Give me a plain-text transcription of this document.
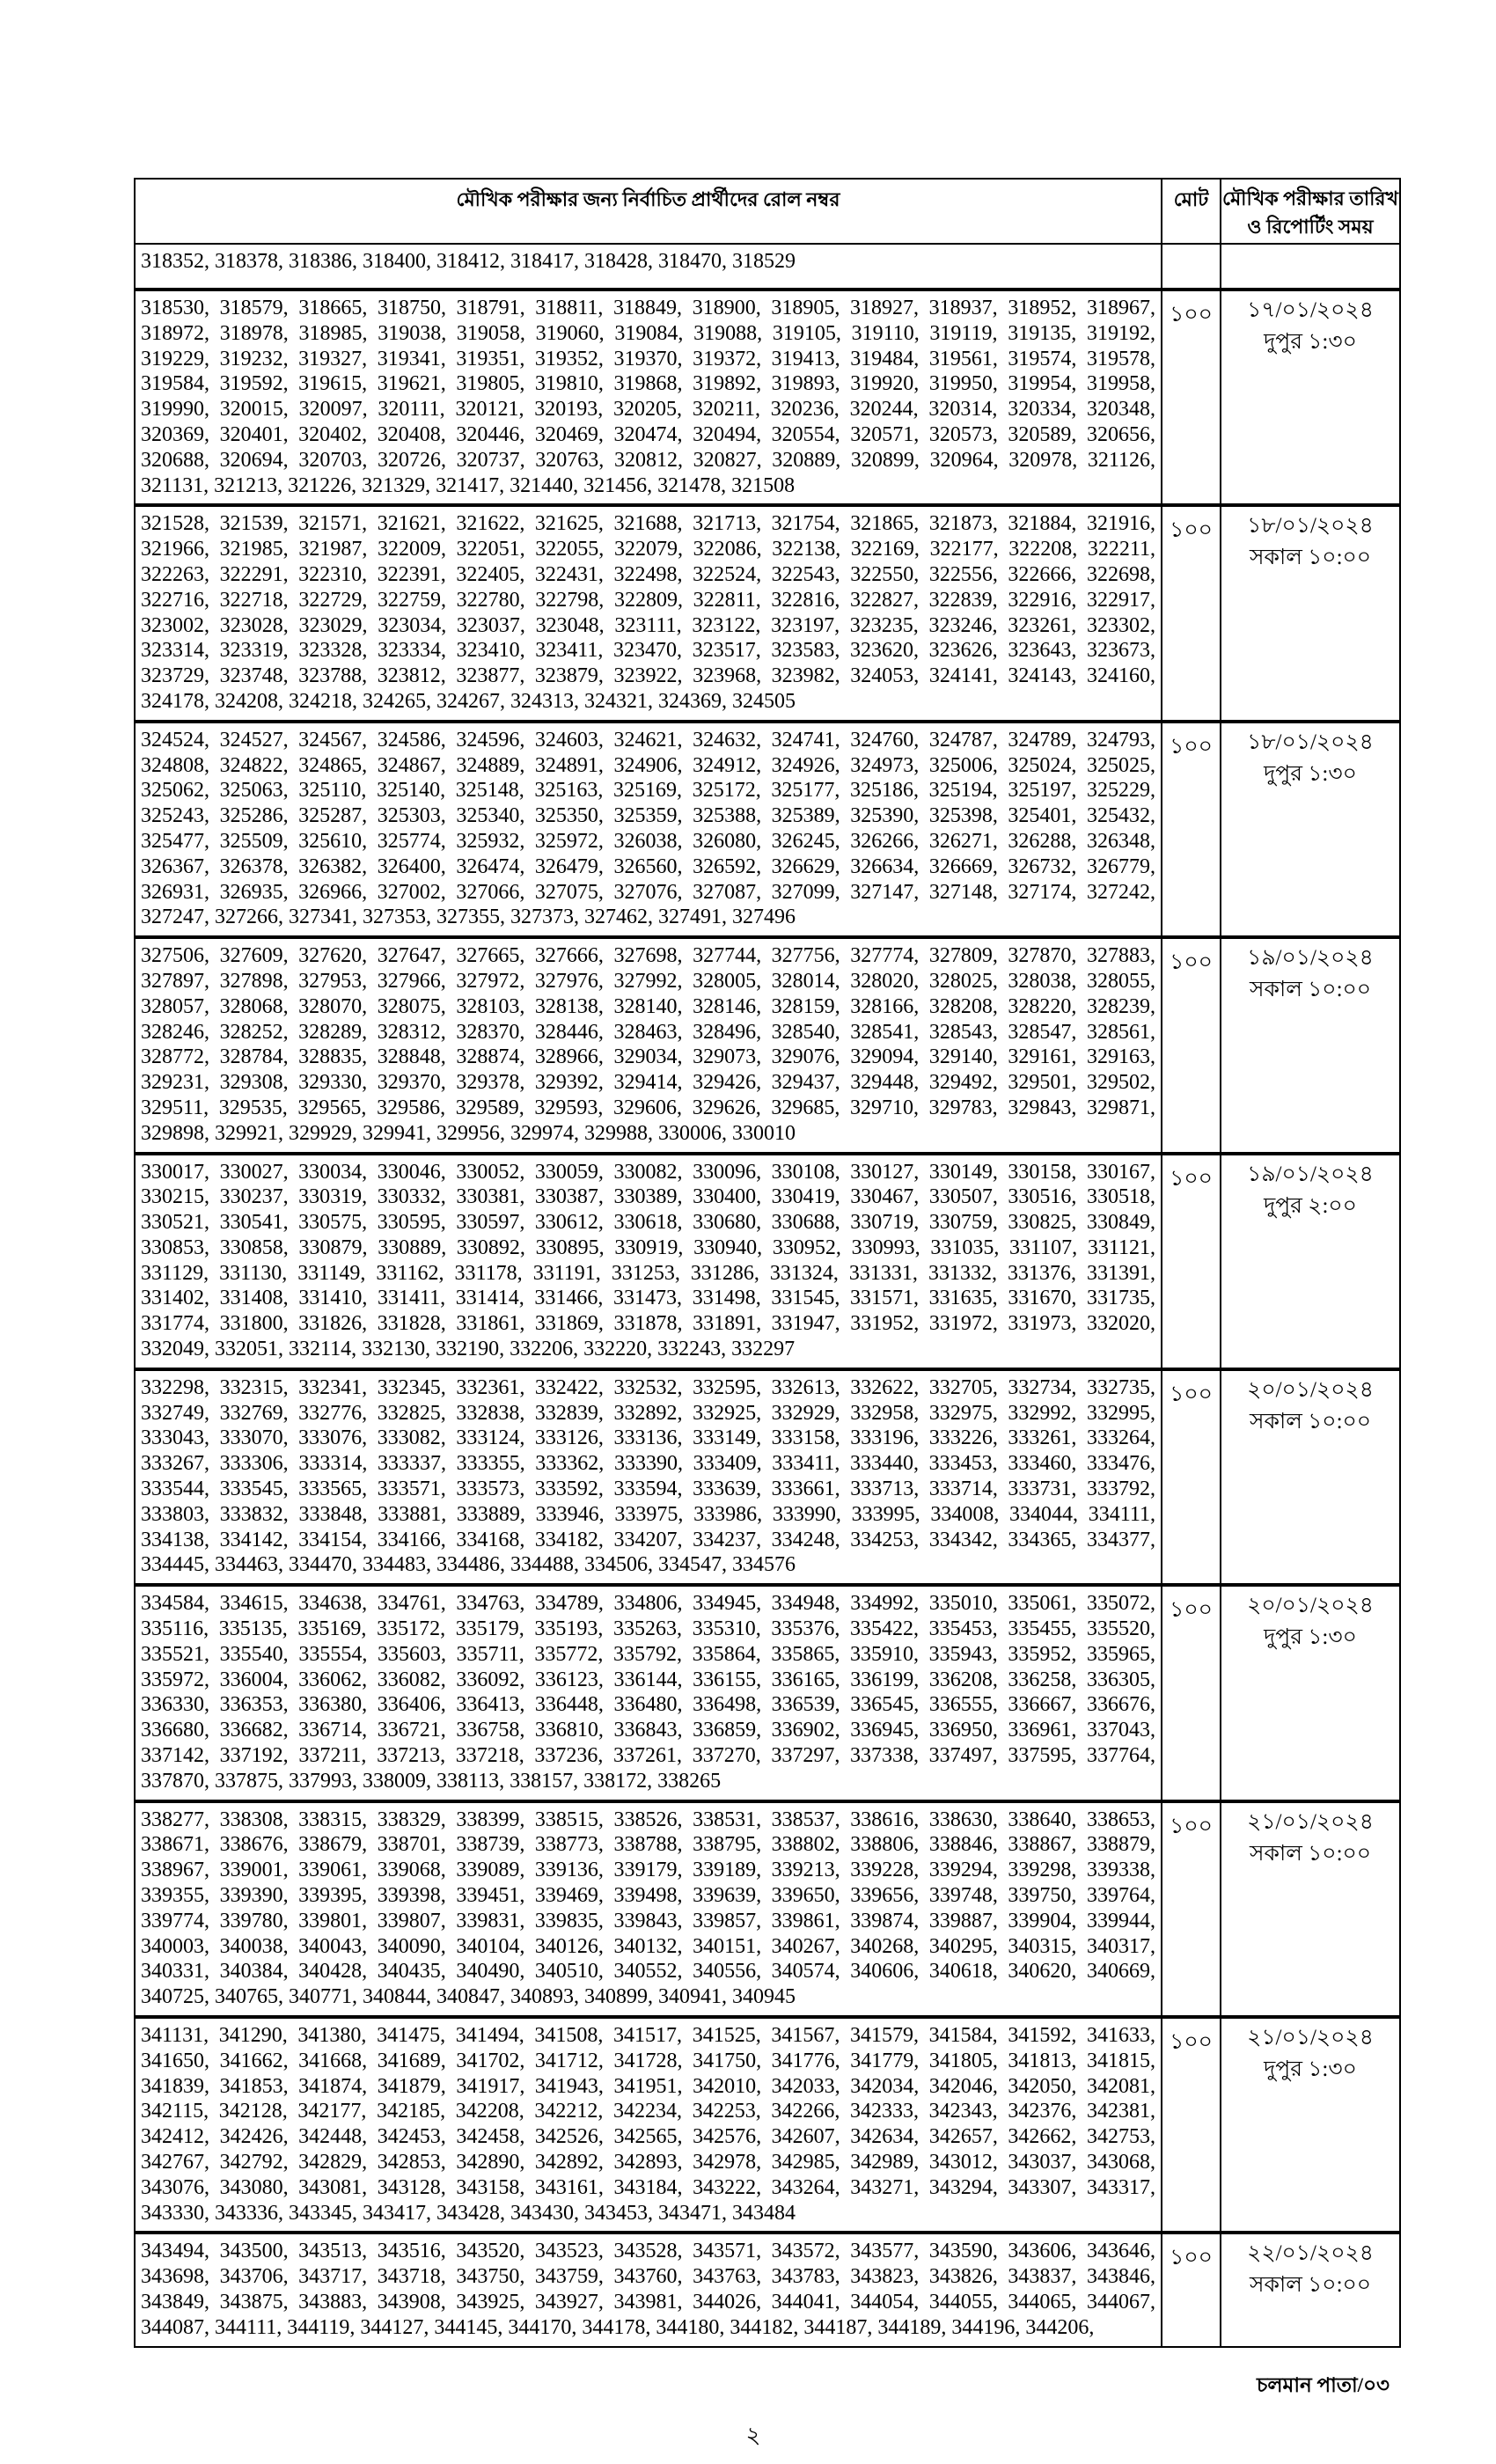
মৌখিক পরীক্ষার জন্য নির্বাচিত প্রার্থীদের রোল নম্বর	মোট	মৌখিক পরীক্ষার তারিখ
ও রিপোর্টিং সময়

318352, 318378, 318386, 318400, 318412, 318417, 318428, 318470, 318529		
318530, 318579, 318665, 318750, 318791, 318811, 318849, 318900, 318905, 318927, 318937, 318952, 318967, 318972, 318978, 318985, 319038, 319058, 319060, 319084, 319088, 319105, 319110, 319119, 319135, 319192, 319229, 319232, 319327, 319341, 319351, 319352, 319370, 319372, 319413, 319484, 319561, 319574, 319578, 319584, 319592, 319615, 319621, 319805, 319810, 319868, 319892, 319893, 319920, 319950, 319954, 319958, 319990, 320015, 320097, 320111, 320121, 320193, 320205, 320211, 320236, 320244, 320314, 320334, 320348, 320369, 320401, 320402, 320408, 320446, 320469, 320474, 320494, 320554, 320571, 320573, 320589, 320656, 320688, 320694, 320703, 320726, 320737, 320763, 320812, 320827, 320889, 320899, 320964, 320978, 321126, 321131, 321213, 321226, 321329, 321417, 321440, 321456, 321478, 321508	১০০	১৭/০১/২০২৪
দুপুর ১:৩০

321528, 321539, 321571, 321621, 321622, 321625, 321688, 321713, 321754, 321865, 321873, 321884, 321916, 321966, 321985, 321987, 322009, 322051, 322055, 322079, 322086, 322138, 322169, 322177, 322208, 322211, 322263, 322291, 322310, 322391, 322405, 322431, 322498, 322524, 322543, 322550, 322556, 322666, 322698, 322716, 322718, 322729, 322759, 322780, 322798, 322809, 322811, 322816, 322827, 322839, 322916, 322917, 323002, 323028, 323029, 323034, 323037, 323048, 323111, 323122, 323197, 323235, 323246, 323261, 323302, 323314, 323319, 323328, 323334, 323410, 323411, 323470, 323517, 323583, 323620, 323626, 323643, 323673, 323729, 323748, 323788, 323812, 323877, 323879, 323922, 323968, 323982, 324053, 324141, 324143, 324160, 324178, 324208, 324218, 324265, 324267, 324313, 324321, 324369, 324505	১০০	১৮/০১/২০২৪
সকাল ১০:০০

324524, 324527, 324567, 324586, 324596, 324603, 324621, 324632, 324741, 324760, 324787, 324789, 324793, 324808, 324822, 324865, 324867, 324889, 324891, 324906, 324912, 324926, 324973, 325006, 325024, 325025, 325062, 325063, 325110, 325140, 325148, 325163, 325169, 325172, 325177, 325186, 325194, 325197, 325229, 325243, 325286, 325287, 325303, 325340, 325350, 325359, 325388, 325389, 325390, 325398, 325401, 325432, 325477, 325509, 325610, 325774, 325932, 325972, 326038, 326080, 326245, 326266, 326271, 326288, 326348, 326367, 326378, 326382, 326400, 326474, 326479, 326560, 326592, 326629, 326634, 326669, 326732, 326779, 326931, 326935, 326966, 327002, 327066, 327075, 327076, 327087, 327099, 327147, 327148, 327174, 327242, 327247, 327266, 327341, 327353, 327355, 327373, 327462, 327491, 327496	১০০	১৮/০১/২০২৪
দুপুর ১:৩০

327506, 327609, 327620, 327647, 327665, 327666, 327698, 327744, 327756, 327774, 327809, 327870, 327883, 327897, 327898, 327953, 327966, 327972, 327976, 327992, 328005, 328014, 328020, 328025, 328038, 328055, 328057, 328068, 328070, 328075, 328103, 328138, 328140, 328146, 328159, 328166, 328208, 328220, 328239, 328246, 328252, 328289, 328312, 328370, 328446, 328463, 328496, 328540, 328541, 328543, 328547, 328561, 328772, 328784, 328835, 328848, 328874, 328966, 329034, 329073, 329076, 329094, 329140, 329161, 329163, 329231, 329308, 329330, 329370, 329378, 329392, 329414, 329426, 329437, 329448, 329492, 329501, 329502, 329511, 329535, 329565, 329586, 329589, 329593, 329606, 329626, 329685, 329710, 329783, 329843, 329871, 329898, 329921, 329929, 329941, 329956, 329974, 329988, 330006, 330010	১০০	১৯/০১/২০২৪
সকাল ১০:০০

330017, 330027, 330034, 330046, 330052, 330059, 330082, 330096, 330108, 330127, 330149, 330158, 330167, 330215, 330237, 330319, 330332, 330381, 330387, 330389, 330400, 330419, 330467, 330507, 330516, 330518, 330521, 330541, 330575, 330595, 330597, 330612, 330618, 330680, 330688, 330719, 330759, 330825, 330849, 330853, 330858, 330879, 330889, 330892, 330895, 330919, 330940, 330952, 330993, 331035, 331107, 331121, 331129, 331130, 331149, 331162, 331178, 331191, 331253, 331286, 331324, 331331, 331332, 331376, 331391, 331402, 331408, 331410, 331411, 331414, 331466, 331473, 331498, 331545, 331571, 331635, 331670, 331735, 331774, 331800, 331826, 331828, 331861, 331869, 331878, 331891, 331947, 331952, 331972, 331973, 332020, 332049, 332051, 332114, 332130, 332190, 332206, 332220, 332243, 332297	১০০	১৯/০১/২০২৪
দুপুর ২:০০

332298, 332315, 332341, 332345, 332361, 332422, 332532, 332595, 332613, 332622, 332705, 332734, 332735, 332749, 332769, 332776, 332825, 332838, 332839, 332892, 332925, 332929, 332958, 332975, 332992, 332995, 333043, 333070, 333076, 333082, 333124, 333126, 333136, 333149, 333158, 333196, 333226, 333261, 333264, 333267, 333306, 333314, 333337, 333355, 333362, 333390, 333409, 333411, 333440, 333453, 333460, 333476, 333544, 333545, 333565, 333571, 333573, 333592, 333594, 333639, 333661, 333713, 333714, 333731, 333792, 333803, 333832, 333848, 333881, 333889, 333946, 333975, 333986, 333990, 333995, 334008, 334044, 334111, 334138, 334142, 334154, 334166, 334168, 334182, 334207, 334237, 334248, 334253, 334342, 334365, 334377, 334445, 334463, 334470, 334483, 334486, 334488, 334506, 334547, 334576	১০০	২০/০১/২০২৪
সকাল ১০:০০

334584, 334615, 334638, 334761, 334763, 334789, 334806, 334945, 334948, 334992, 335010, 335061, 335072, 335116, 335135, 335169, 335172, 335179, 335193, 335263, 335310, 335376, 335422, 335453, 335455, 335520, 335521, 335540, 335554, 335603, 335711, 335772, 335792, 335864, 335865, 335910, 335943, 335952, 335965, 335972, 336004, 336062, 336082, 336092, 336123, 336144, 336155, 336165, 336199, 336208, 336258, 336305, 336330, 336353, 336380, 336406, 336413, 336448, 336480, 336498, 336539, 336545, 336555, 336667, 336676, 336680, 336682, 336714, 336721, 336758, 336810, 336843, 336859, 336902, 336945, 336950, 336961, 337043, 337142, 337192, 337211, 337213, 337218, 337236, 337261, 337270, 337297, 337338, 337497, 337595, 337764, 337870, 337875, 337993, 338009, 338113, 338157, 338172, 338265	১০০	২০/০১/২০২৪
দুপুর ১:৩০

338277, 338308, 338315, 338329, 338399, 338515, 338526, 338531, 338537, 338616, 338630, 338640, 338653, 338671, 338676, 338679, 338701, 338739, 338773, 338788, 338795, 338802, 338806, 338846, 338867, 338879, 338967, 339001, 339061, 339068, 339089, 339136, 339179, 339189, 339213, 339228, 339294, 339298, 339338, 339355, 339390, 339395, 339398, 339451, 339469, 339498, 339639, 339650, 339656, 339748, 339750, 339764, 339774, 339780, 339801, 339807, 339831, 339835, 339843, 339857, 339861, 339874, 339887, 339904, 339944, 340003, 340038, 340043, 340090, 340104, 340126, 340132, 340151, 340267, 340268, 340295, 340315, 340317, 340331, 340384, 340428, 340435, 340490, 340510, 340552, 340556, 340574, 340606, 340618, 340620, 340669, 340725, 340765, 340771, 340844, 340847, 340893, 340899, 340941, 340945	১০০	২১/০১/২০২৪
সকাল ১০:০০

341131, 341290, 341380, 341475, 341494, 341508, 341517, 341525, 341567, 341579, 341584, 341592, 341633, 341650, 341662, 341668, 341689, 341702, 341712, 341728, 341750, 341776, 341779, 341805, 341813, 341815, 341839, 341853, 341874, 341879, 341917, 341943, 341951, 342010, 342033, 342034, 342046, 342050, 342081, 342115, 342128, 342177, 342185, 342208, 342212, 342234, 342253, 342266, 342333, 342343, 342376, 342381, 342412, 342426, 342448, 342453, 342458, 342526, 342565, 342576, 342607, 342634, 342657, 342662, 342753, 342767, 342792, 342829, 342853, 342890, 342892, 342893, 342978, 342985, 342989, 343012, 343037, 343068, 343076, 343080, 343081, 343128, 343158, 343161, 343184, 343222, 343264, 343271, 343294, 343307, 343317, 343330, 343336, 343345, 343417, 343428, 343430, 343453, 343471, 343484	১০০	২১/০১/২০২৪
দুপুর ১:৩০

343494, 343500, 343513, 343516, 343520, 343523, 343528, 343571, 343572, 343577, 343590, 343606, 343646, 343698, 343706, 343717, 343718, 343750, 343759, 343760, 343763, 343783, 343823, 343826, 343837, 343846, 343849, 343875, 343883, 343908, 343925, 343927, 343981, 344026, 344041, 344054, 344055, 344065, 344067, 344087, 344111, 344119, 344127, 344145, 344170, 344178, 344180, 344182, 344187, 344189, 344196, 344206,	১০০	২২/০১/২০২৪
সকাল ১০:০০
চলমান পাতা/০৩
২
